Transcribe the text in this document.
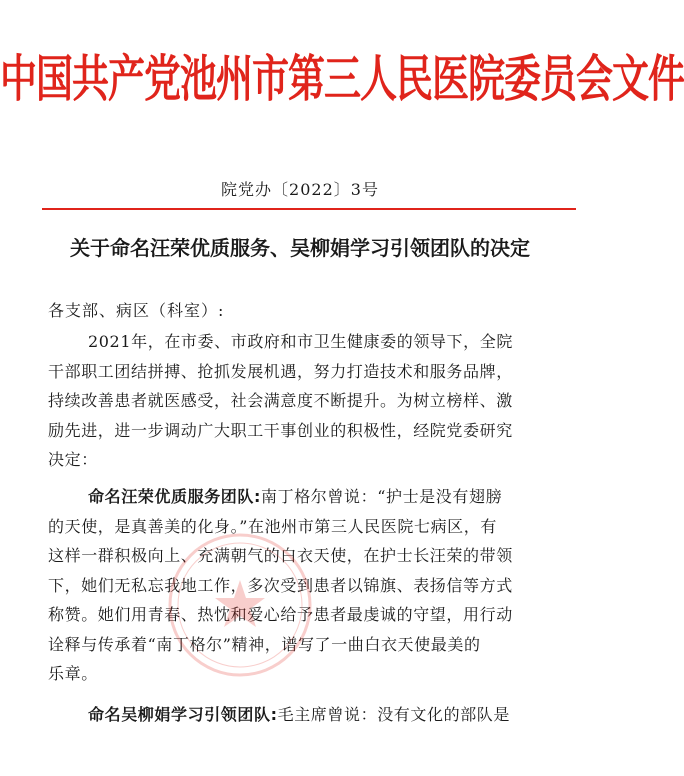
中国共产党池州市第三人民医院委员会文件
院党办〔2022〕3号
关于命名汪荣优质服务、吴柳娟学习引领团队的决定
各支部、病区（科室）:
2021年，在市委、市政府和市卫生健康委的领导下，全院
干部职工团结拼搏、抢抓发展机遇，努力打造技术和服务品牌，
持续改善患者就医感受，社会满意度不断提升。为树立榜样、激
励先进，进一步调动广大职工干事创业的积极性，经院党委研究
决定：
命名汪荣优质服务团队:南丁格尔曾说：“护士是没有翅膀
的天使，是真善美的化身。”在池州市第三人民医院七病区，有
这样一群积极向上、充满朝气的白衣天使，在护士长汪荣的带领
下，她们无私忘我地工作，多次受到患者以锦旗、表扬信等方式
称赞。她们用青春、热忱和爱心给予患者最虔诚的守望，用行动
诠释与传承着“南丁格尔”精神，谱写了一曲白衣天使最美的
乐章。
命名吴柳娟学习引领团队:毛主席曾说：没有文化的部队是
